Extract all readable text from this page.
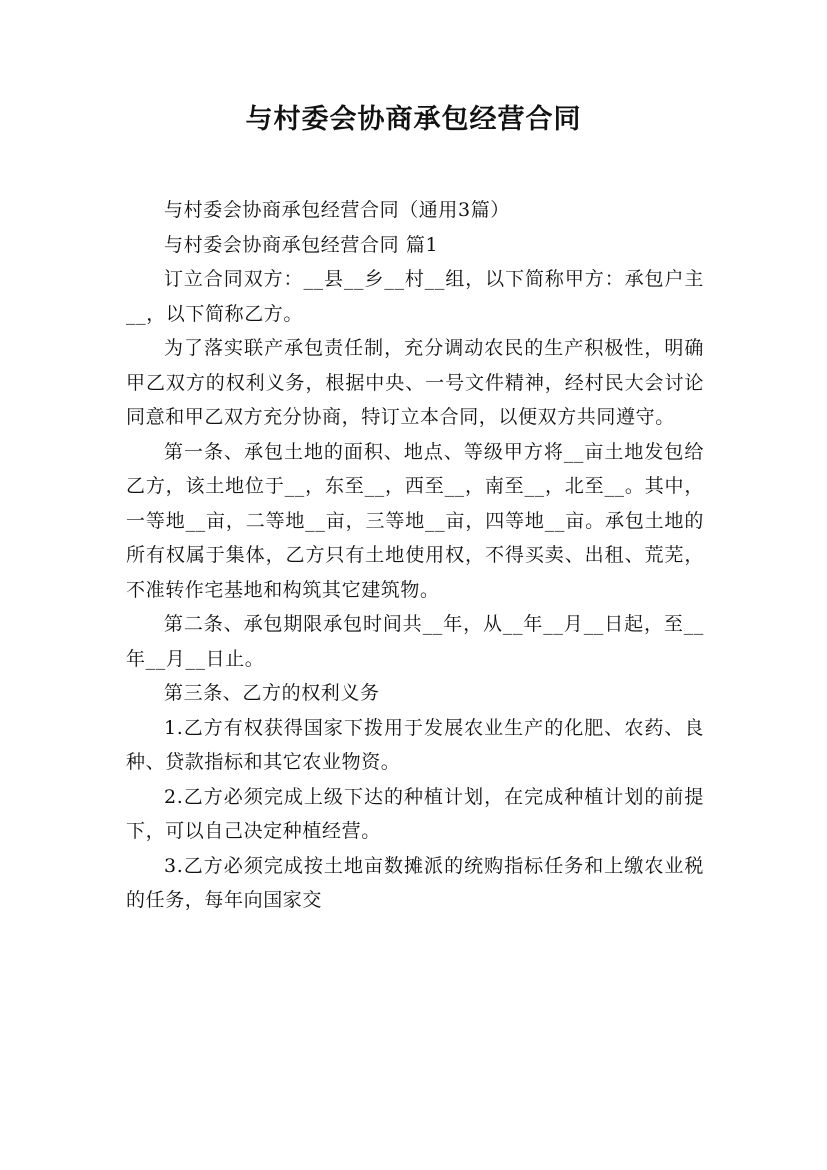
与村委会协商承包经营合同

与村委会协商承包经营合同（通用3篇）

与村委会协商承包经营合同 篇1

订立合同双方：__县__乡__村__组，以下简称甲方：承包户主__，以下简称乙方。

为了落实联产承包责任制，充分调动农民的生产积极性，明确甲乙双方的权利义务，根据中央、一号文件精神，经村民大会讨论同意和甲乙双方充分协商，特订立本合同，以便双方共同遵守。

第一条、承包土地的面积、地点、等级甲方将__亩土地发包给乙方，该土地位于__，东至__，西至__，南至__，北至__。其中，一等地__亩，二等地__亩，三等地__亩，四等地__亩。承包土地的所有权属于集体，乙方只有土地使用权，不得买卖、出租、荒芜，不准转作宅基地和构筑其它建筑物。

第二条、承包期限承包时间共__年，从__年__月__日起，至__年__月__日止。

第三条、乙方的权利义务

1.乙方有权获得国家下拨用于发展农业生产的化肥、农药、良种、贷款指标和其它农业物资。

2.乙方必须完成上级下达的种植计划，在完成种植计划的前提下，可以自己决定种植经营。

3.乙方必须完成按土地亩数摊派的统购指标任务和上缴农业税的任务，每年向国家交
